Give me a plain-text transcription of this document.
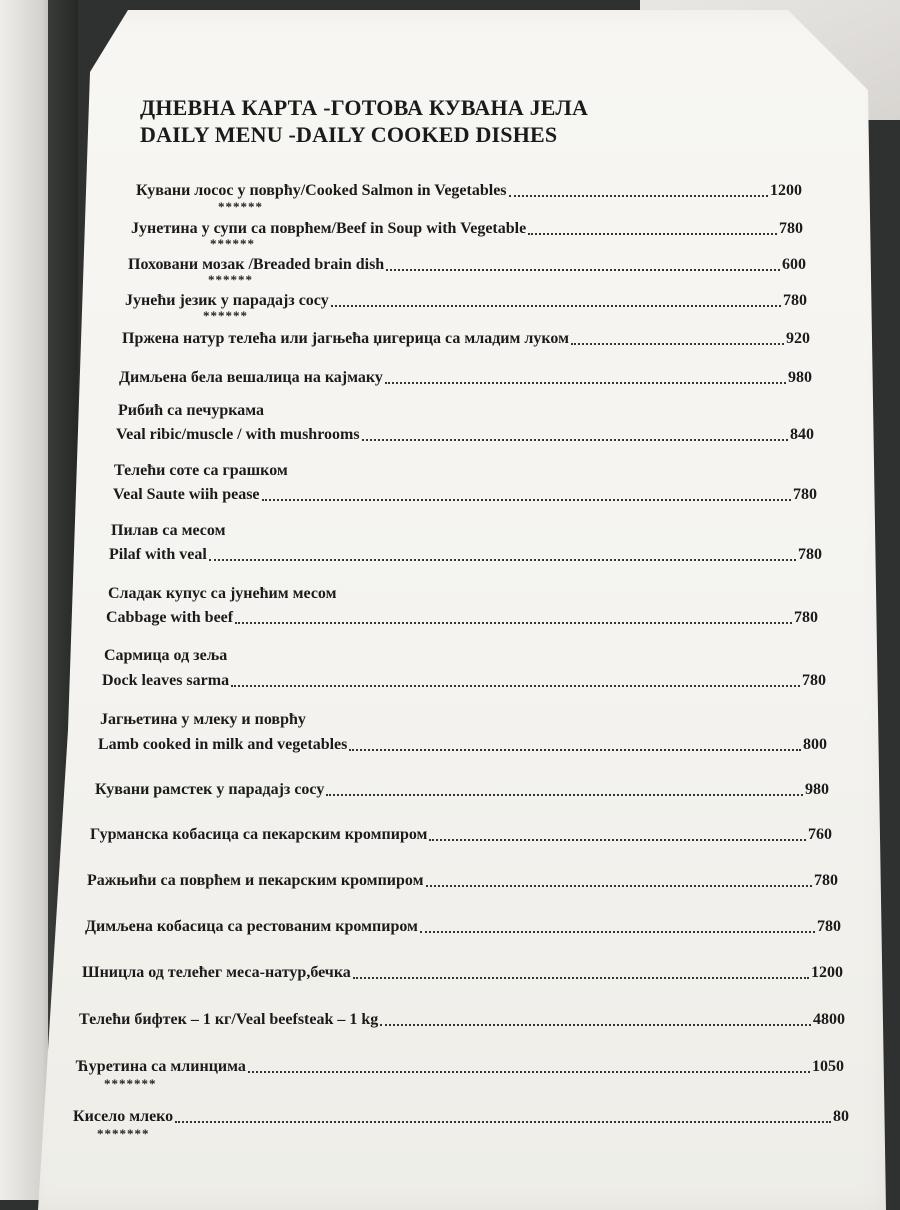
ДНЕВНА КАРТА -ГОТОВА КУВАНА ЈЕЛА
DAILY MENU -DAILY COOKED DISHES
Кувани лосос у поврћу/Cooked Salmon in Vegetables	1200
******
Јунетина у супи са поврћем/Beef in Soup with Vegetable	780
******
Поховани мозак /Breaded brain dish	600
******
Јунећи језик у парадајз сосу	780
******
Пржена натур телећа или јагњећа џигерица са младим луком	920
Димљена бела вешалица на кајмаку	980
Рибић са печуркама
Veal ribic/muscle / with mushrooms	840
Телећи соте са грашком
Veal Saute wiih pease	780
Пилав са месом
Pilaf with veal	780
Сладак купус са јунећим месом
Cabbage with beef	780
Сармица од зеља
Dock leaves sarma	780
Јагњетина у млеку и поврћу
Lamb cooked in milk and vegetables	800
Кувани рамстек у парадајз сосу	980
Гурманска кобасица са пекарским кромпиром	760
Ражњићи са поврћем и пекарским кромпиром	780
Димљена кобасица са рестованим кромпиром	780
Шницла од телећег меса-натур,бечка	1200
Телећи бифтек – 1 кг/Veal beefsteak – 1 kg	4800
Ћуретина са млинцима	1050
*******
Кисело млеко	80
*******
